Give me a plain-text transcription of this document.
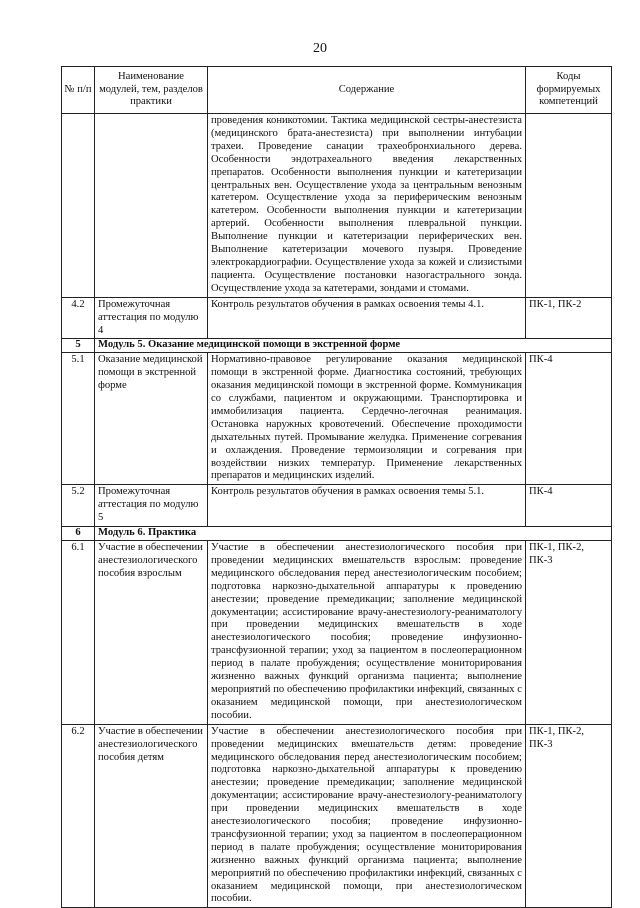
20
№ п/п	Наименование модулей, тем, разделов практики	Содержание	Коды формируемых компетенций
		проведения коникотомии. Тактика медицинской сестры-анестезиста (медицинского брата-анестезиста) при выполнении интубации трахеи. Проведение санации трахеобронхиального дерева. Особенности эндотрахеального введения лекарственных препаратов. Особенности выполнения пункции и катетеризации центральных вен. Осуществление ухода за центральным венозным катетером. Осуществление ухода за периферическим венозным катетером. Особенности выполнения пункции и катетеризации артерий. Особенности выполнения плевральной пункции. Выполнение пункции и катетеризации периферических вен. Выполнение катетеризации мочевого пузыря. Проведение электрокардиографии. Осуществление ухода за кожей и слизистыми пациента. Осуществление постановки назогастрального зонда. Осуществление ухода за катетерами, зондами и стомами.	
4.2	Промежуточная аттестация по модулю 4	Контроль результатов обучения в рамках освоения темы 4.1.	ПК-1, ПК-2
5	Модуль 5. Оказание медицинской помощи в экстренной форме		
5.1	Оказание медицинской помощи в экстренной форме	Нормативно-правовое регулирование оказания медицинской помощи в экстренной форме. Диагностика состояний, требующих оказания медицинской помощи в экстренной форме. Коммуникация со службами, пациентом и окружающими. Транспортировка и иммобилизация пациента. Сердечно-легочная реанимация. Остановка наружных кровотечений. Обеспечение проходимости дыхательных путей. Промывание желудка. Применение согревания и охлаждения. Проведение термоизоляции и согревания при воздействии низких температур. Применение лекарственных препаратов и медицинских изделий.	ПК-4
5.2	Промежуточная аттестация по модулю 5	Контроль результатов обучения в рамках освоения темы 5.1.	ПК-4
6	Модуль 6. Практика		
6.1	Участие в обеспечении анестезиологического пособия взрослым	Участие в обеспечении анестезиологического пособия при проведении медицинских вмешательств взрослым: проведение медицинского обследования перед анестезиологическим пособием; подготовка наркозно-дыхательной аппаратуры к проведению анестезии; проведение премедикации; заполнение медицинской документации; ассистирование врачу-анестезиологу-реаниматологу при проведении медицинских вмешательств в ходе анестезиологического пособия; проведение инфузионно-трансфузионной терапии; уход за пациентом в послеоперационном период в палате пробуждения; осуществление мониторирования жизненно важных функций организма пациента; выполнение мероприятий по обеспечению профилактики инфекций, связанных с оказанием медицинской помощи, при анестезиологическом пособии.	ПК-1, ПК-2, ПК-3
6.2	Участие в обеспечении анестезиологического пособия детям	Участие в обеспечении анестезиологического пособия при проведении медицинских вмешательств детям: проведение медицинского обследования перед анестезиологическим пособием; подготовка наркозно-дыхательной аппаратуры к проведению анестезии; проведение премедикации; заполнение медицинской документации; ассистирование врачу-анестезиологу-реаниматологу при проведении медицинских вмешательств в ходе анестезиологического пособия; проведение инфузионно-трансфузионной терапии; уход за пациентом в послеоперационном период в палате пробуждения; осуществление мониторирования жизненно важных функций организма пациента; выполнение мероприятий по обеспечению профилактики инфекций, связанных с оказанием медицинской помощи, при анестезиологическом пособии.	ПК-1, ПК-2, ПК-3
